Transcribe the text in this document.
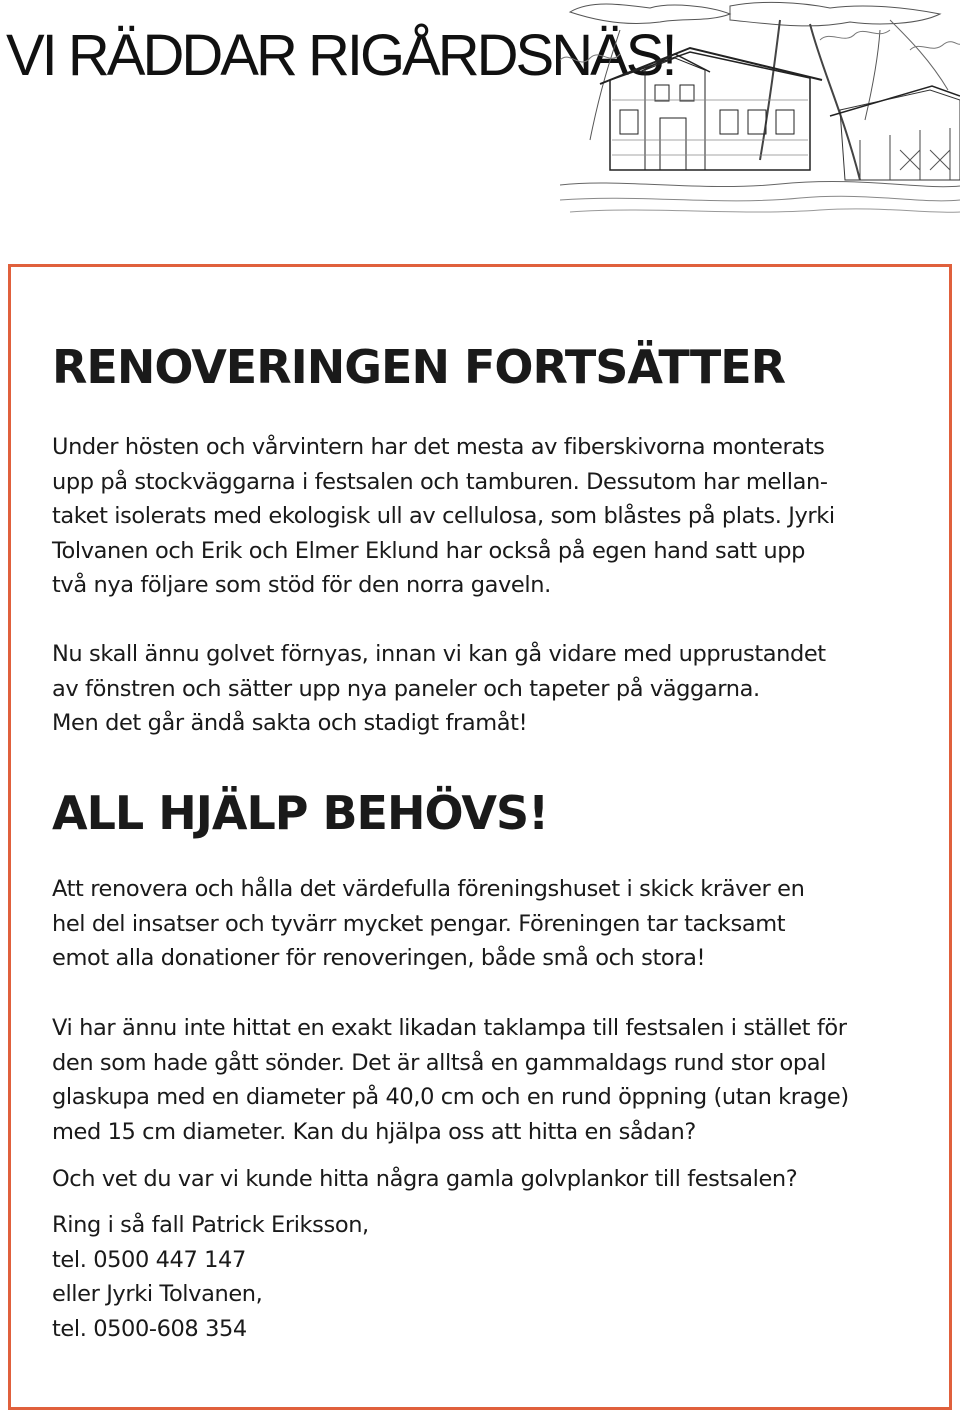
VI RÄDDAR RIGÅRDSNÄS!
RENOVERINGEN FORTSÄTTER

Under hösten och vårvintern har det mesta av fiberskivorna monterats
upp på stockväggarna i festsalen och tamburen. Dessutom har mellan-
taket isolerats med ekologisk ull av cellulosa, som blåstes på plats. Jyrki
Tolvanen och Erik och Elmer Eklund har också på egen hand satt upp
två nya följare som stöd för den norra gaveln.

Nu skall ännu golvet förnyas, innan vi kan gå vidare med upprustandet
av fönstren och sätter upp nya paneler och tapeter på väggarna.
Men det går ändå sakta och stadigt framåt!

ALL HJÄLP BEHÖVS!

Att renovera och hålla det värdefulla föreningshuset i skick kräver en
hel del insatser och tyvärr mycket pengar. Föreningen tar tacksamt
emot alla donationer för renoveringen, både små och stora!

Vi har ännu inte hittat en exakt likadan taklampa till festsalen i stället för
den som hade gått sönder. Det är alltså en gammaldags rund stor opal
glaskupa med en diameter på 40,0 cm och en rund öppning (utan krage)
med 15 cm diameter. Kan du hjälpa oss att hitta en sådan?

Och vet du var vi kunde hitta några gamla golvplankor till festsalen?

Ring i så fall Patrick Eriksson,
tel. 0500 447 147
eller Jyrki Tolvanen,
tel. 0500-608 354
